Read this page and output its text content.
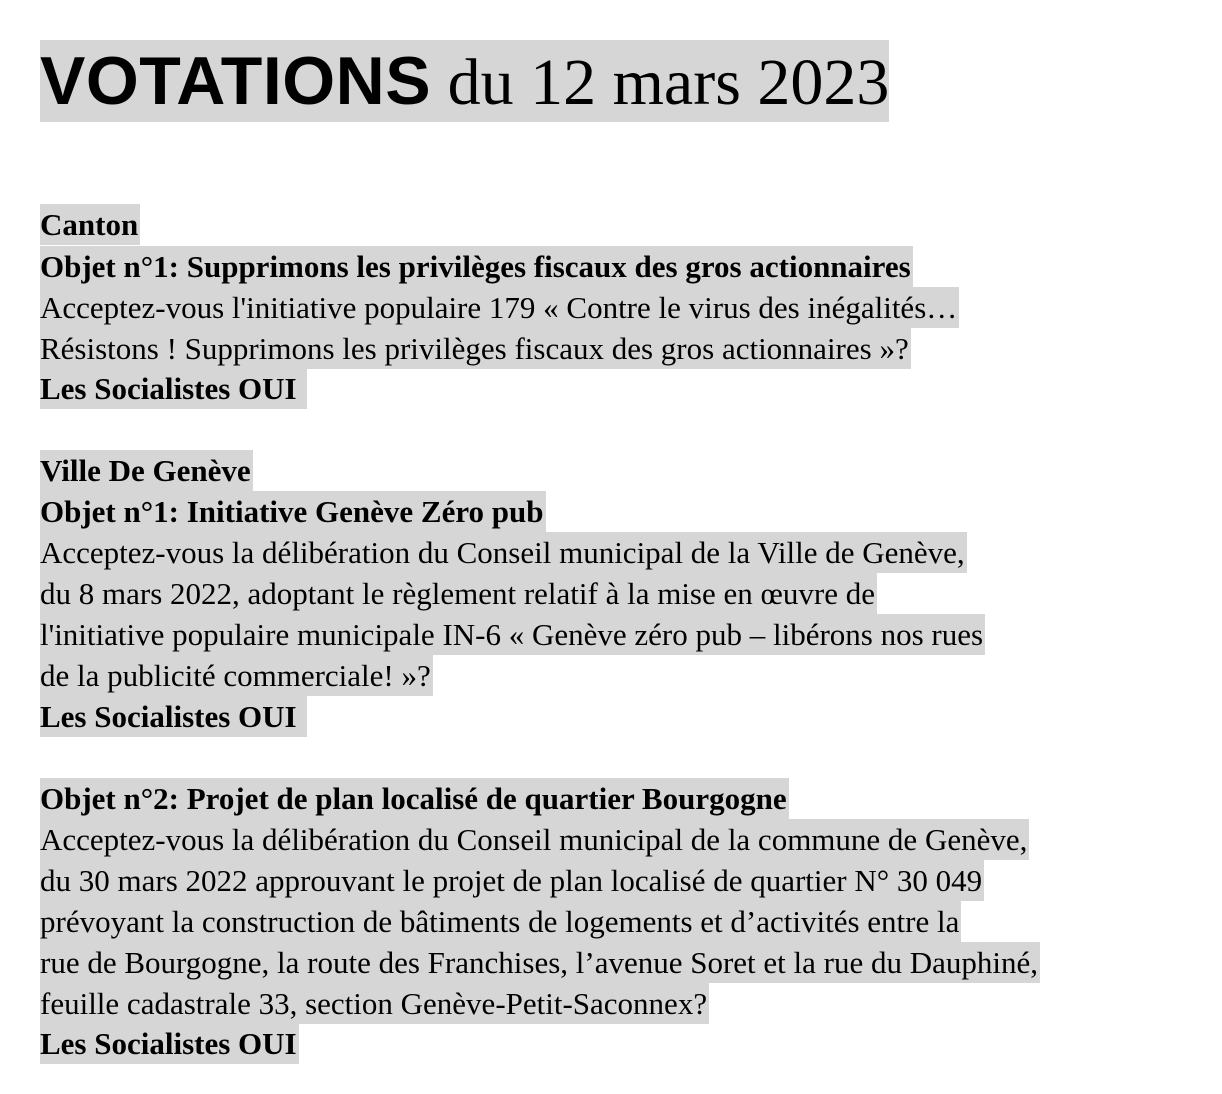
VOTATIONS du 12 mars 2023
Canton
Objet n°1: Supprimons les privilèges fiscaux des gros actionnaires
Acceptez-vous l'initiative populaire 179 « Contre le virus des inégalités…
Résistons ! Supprimons les privilèges fiscaux des gros actionnaires »?
Les Socialistes OUI
Ville De Genève
Objet n°1: Initiative Genève Zéro pub
Acceptez-vous la délibération du Conseil municipal de la Ville de Genève,
du 8 mars 2022, adoptant le règlement relatif à la mise en œuvre de
l'initiative populaire municipale IN-6 « Genève zéro pub – libérons nos rues
de la publicité commerciale! »?
Les Socialistes OUI
Objet n°2: Projet de plan localisé de quartier Bourgogne
Acceptez-vous la délibération du Conseil municipal de la commune de Genève,
du 30 mars 2022 approuvant le projet de plan localisé de quartier N° 30 049
prévoyant la construction de bâtiments de logements et d’activités entre la
rue de Bourgogne, la route des Franchises, l’avenue Soret et la rue du Dauphiné,
feuille cadastrale 33, section Genève-Petit-Saconnex?
Les Socialistes OUI
